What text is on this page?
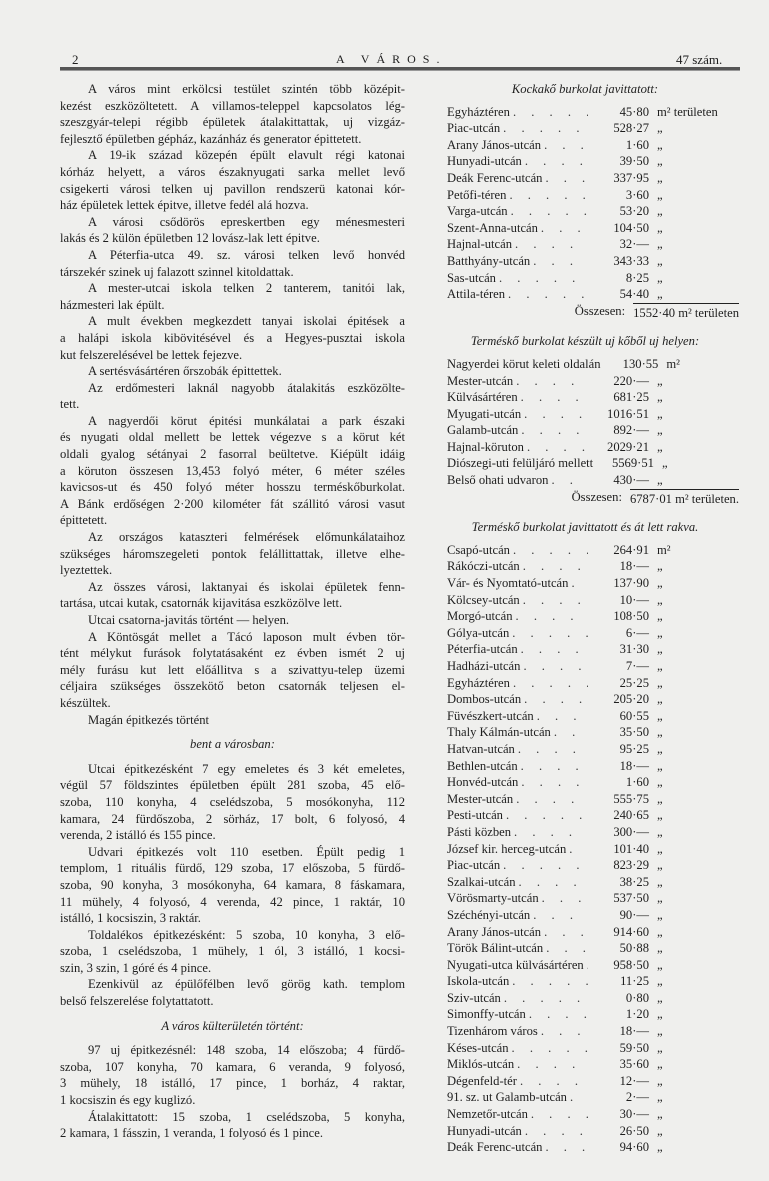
2	A VÁROS.	47 szám.
A város mint erkölcsi testület szintén több középit-
kezést eszközöltetett. A villamos-teleppel kapcsolatos lég-
szeszgyár-telepi régibb épületek átalakittattak, uj vizgáz-
fejlesztő épületben gépház, kazánház és generator épittetett.
A 19-ik század közepén épült elavult régi katonai
kórház helyett, a város északnyugati sarka mellet levő
csigekerti városi telken uj pavillon rendszerü katonai kór-
ház épületek lettek épitve, illetve fedél alá hozva.
A városi csődörös epreskertben egy ménesmesteri
lakás és 2 külön épületben 12 lovász-lak lett épitve.
A Péterfia-utca 49. sz. városi telken levő honvéd
társzekér szinek uj falazott szinnel kitoldattak.
A mester-utcai iskola telken 2 tanterem, tanitói lak,
házmesteri lak épült.
A mult években megkezdett tanyai iskolai épitések a
a halápi iskola kibövitésével és a Hegyes-pusztai iskola
kut felszerelésével be lettek fejezve.
A sertésvásártéren őrszobák épittettek.
Az erdőmesteri laknál nagyobb átalakitás eszközölte-
tett.
A nagyerdői körut épitési munkálatai a park északi
és nyugati oldal mellett be lettek végezve s a körut két
oldali gyalog sétányai 2 fasorral beültetve. Kiépült idáig
a köruton összesen 13,453 folyó méter, 6 méter széles
kavicsos-ut és 450 folyó méter hosszu terméskőburkolat.
A Bánk erdőségen 2·200 kilométer fát szállitó városi vasut
épittetett.
Az országos kataszteri felmérések előmunkálataihoz
szükséges háromszegeleti pontok felállittattak, illetve elhe-
lyeztettek.
Az összes városi, laktanyai és iskolai épületek fenn-
tartása, utcai kutak, csatornák kijavitása eszközölve lett.
Utcai csatorna-javitás történt — helyen.
A Köntösgát mellet a Tácó laposon mult évben tör-
tént mélykut furások folytatásaként ez évben ismét 2 uj
mély furásu kut lett előállitva s a szivattyu-telep üzemi
céljaira szükséges összekötő beton csatornák teljesen el-
készültek.
Magán épitkezés történt
bent a városban:
Utcai épitkezésként 7 egy emeletes és 3 két emeletes,
végül 57 földszintes épületben épült 281 szoba, 45 elő-
szoba, 110 konyha, 4 cselédszoba, 5 mosókonyha, 112
kamara, 24 fürdőszoba, 2 sörház, 17 bolt, 6 folyosó, 4
verenda, 2 istálló és 155 pince.
Udvari épitkezés volt 110 esetben. Épült pedig 1
templom, 1 rituális fürdő, 129 szoba, 17 előszoba, 5 fürdő-
szoba, 90 konyha, 3 mosókonyha, 64 kamara, 8 fáskamara,
11 mühely, 4 folyosó, 4 verenda, 42 pince, 1 raktár, 10
istálló, 1 kocsiszin, 3 raktár.
Toldalékos épitkezésként: 5 szoba, 10 konyha, 3 elő-
szoba, 1 cselédszoba, 1 mühely, 1 ól, 3 istálló, 1 kocsi-
szin, 3 szin, 1 góré és 4 pince.
Ezenkivül az épülőfélben levő görög kath. templom
belső felszerelése folytattatott.
A város külterületén történt:
97 uj épitkezésnél: 148 szoba, 14 előszoba; 4 fürdő-
szoba, 107 konyha, 70 kamara, 6 veranda, 9 folyosó,
3 mühely, 18 istálló, 17 pince, 1 borház, 4 raktar,
1 kocsiszin és egy kuglizó.
Átalakittatott: 15 szoba, 1 cselédszoba, 5 konyha,
2 kamara, 1 fásszin, 1 veranda, 1 folyosó és 1 pince.
Kockakő burkolat javittatott:
Egyháztéren . . .	45·80 m² területen
Piac-utcán . . .	528·27 „
Arany János-utcán . . .	1·60 „
Hunyadi-utcán . . .	39·50 „
Deák Ferenc-utcán . . .	337·95 „
Petőfi-téren . . .	3·60 „
Varga-utcán . . .	53·20 „
Szent-Anna-utcán . . .	104·50 „
Hajnal-utcán . . .	32·— „
Batthyány-utcán . . .	343·33 „
Sas-utcán . . .	8·25 „
Attila-téren . . .	54·40 „
Összesen: 1552·40 m² területen
Terméskő burkolat készült uj kőből uj helyen:
Nagyerdei körut keleti oldalán	130·55 m²
Mester-utcán . . .	220·— „
Külvásártéren . . .	681·25 „
Myugati-utcán . . .	1016·51 „
Galamb-utcán . . .	892·— „
Hajnal-köruton . . .	2029·21 „
Diószegi-uti felüljáró mellett	5569·51 „
Belső ohati udvaron . . .	430·— „
Összesen: 6787·01 m² területen.
Terméskő burkolat javittatott és át lett rakva.
Csapó-utcán . . .	264·91 m²
Rákóczi-utcán . . .	18·— „
Vár- és Nyomtató-utcán . . .	137·90 „
Kölcsey-utcán . . .	10·— „
Morgó-utcán . . .	108·50 „
Gólya-utcán . . .	6·— „
Péterfia-utcán . . .	31·30 „
Hadházi-utcán . . .	7·— „
Egyháztéren . . .	25·25 „
Dombos-utcán . . .	205·20 „
Füvészkert-utcán . . .	60·55 „
Thaly Kálmán-utcán . . .	35·50 „
Hatvan-utcán . . .	95·25 „
Bethlen-utcán . . .	18·— „
Honvéd-utcán . . .	1·60 „
Mester-utcán . . .	555·75 „
Pesti-utcán . . .	240·65 „
Pásti közben . . .	300·— „
József kir. herceg-utcán . . .	101·40 „
Piac-utcán . . .	823·29 „
Szalkai-utcán . . .	38·25 „
Vörösmarty-utcán . . .	537·50 „
Széchényi-utcán . . .	90·— „
Arany János-utcán . . .	914·60 „
Török Bálint-utcán . . .	50·88 „
Nyugati-utca külvásártéren . . .	958·50 „
Iskola-utcán . . .	11·25 „
Sziv-utcán . . .	0·80 „
Simonffy-utcán . . .	1·20 „
Tizenhárom város . . .	18·— „
Késes-utcán . . .	59·50 „
Miklós-utcán . . .	35·60 „
Dégenfeld-tér . . .	12·— „
91. sz. ut Galamb-utcán . . .	2·— „
Nemzetőr-utcán . . .	30·— „
Hunyadi-utcán . . .	26·50 „
Deák Ferenc-utcán . . .	94·60 „
